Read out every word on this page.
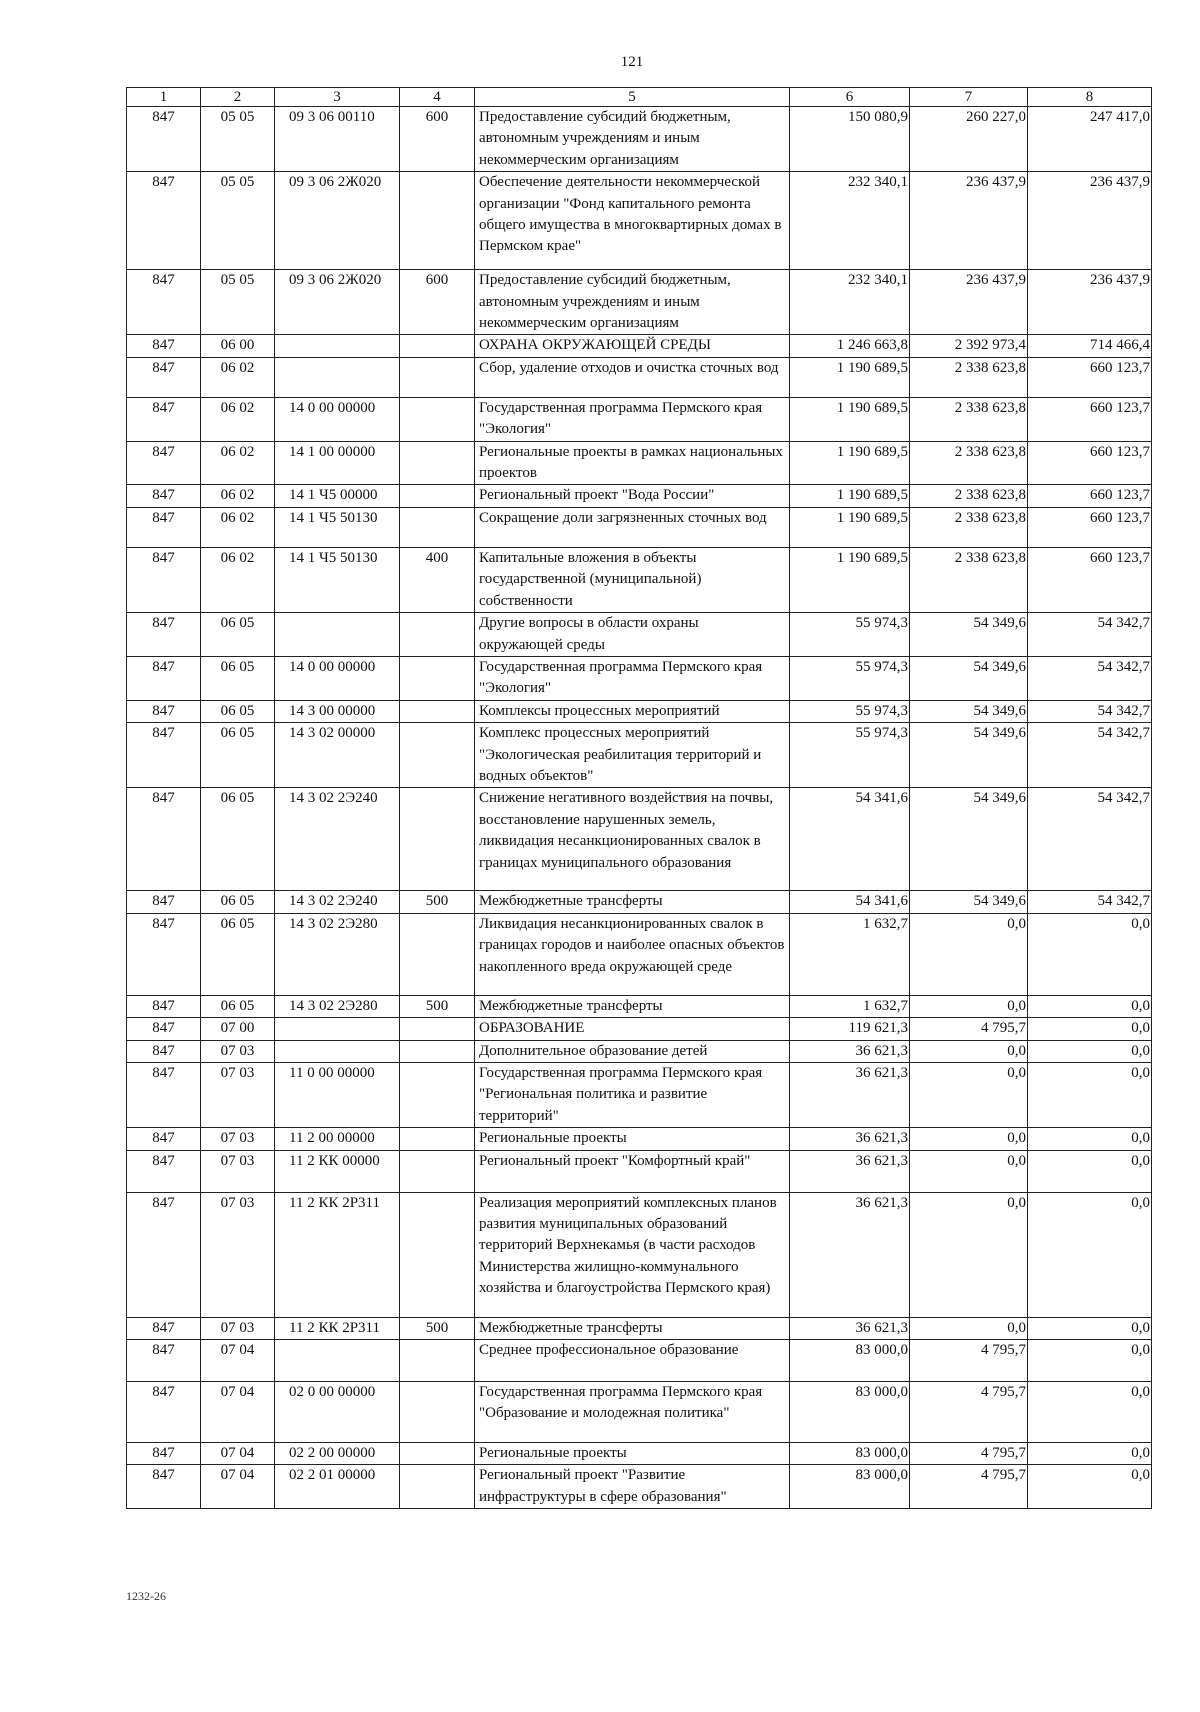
121
1	2	3	4	5	6	7	8
847	05 05	09 3 06 00110	600	Предоставление субсидий бюджетным, автономным учреждениям и иным некоммерческим организациям	150 080,9	260 227,0	247 417,0
847	05 05	09 3 06 2Ж020		Обеспечение деятельности некоммерческой организации "Фонд капитального ремонта общего имущества в многоквартирных домах в Пермском крае"	232 340,1	236 437,9	236 437,9
847	05 05	09 3 06 2Ж020	600	Предоставление субсидий бюджетным, автономным учреждениям и иным некоммерческим организациям	232 340,1	236 437,9	236 437,9
847	06 00			ОХРАНА ОКРУЖАЮЩЕЙ СРЕДЫ	1 246 663,8	2 392 973,4	714 466,4
847	06 02			Сбор, удаление отходов и очистка сточных вод	1 190 689,5	2 338 623,8	660 123,7
847	06 02	14 0 00 00000		Государственная программа Пермского края "Экология"	1 190 689,5	2 338 623,8	660 123,7
847	06 02	14 1 00 00000		Региональные проекты в рамках национальных проектов	1 190 689,5	2 338 623,8	660 123,7
847	06 02	14 1 Ч5 00000		Региональный проект "Вода России"	1 190 689,5	2 338 623,8	660 123,7
847	06 02	14 1 Ч5 50130		Сокращение доли загрязненных сточных вод	1 190 689,5	2 338 623,8	660 123,7
847	06 02	14 1 Ч5 50130	400	Капитальные вложения в объекты государственной (муниципальной) собственности	1 190 689,5	2 338 623,8	660 123,7
847	06 05			Другие вопросы в области охраны окружающей среды	55 974,3	54 349,6	54 342,7
847	06 05	14 0 00 00000		Государственная программа Пермского края "Экология"	55 974,3	54 349,6	54 342,7
847	06 05	14 3 00 00000		Комплексы процессных мероприятий	55 974,3	54 349,6	54 342,7
847	06 05	14 3 02 00000		Комплекс процессных мероприятий "Экологическая реабилитация территорий и водных объектов"	55 974,3	54 349,6	54 342,7
847	06 05	14 3 02 2Э240		Снижение негативного воздействия на почвы, восстановление нарушенных земель, ликвидация несанкционированных свалок в границах муниципального образования	54 341,6	54 349,6	54 342,7
847	06 05	14 3 02 2Э240	500	Межбюджетные трансферты	54 341,6	54 349,6	54 342,7
847	06 05	14 3 02 2Э280		Ликвидация несанкционированных свалок в границах городов и наиболее опасных объектов накопленного вреда окружающей среде	1 632,7	0,0	0,0
847	06 05	14 3 02 2Э280	500	Межбюджетные трансферты	1 632,7	0,0	0,0
847	07 00			ОБРАЗОВАНИЕ	119 621,3	4 795,7	0,0
847	07 03			Дополнительное образование детей	36 621,3	0,0	0,0
847	07 03	11 0 00 00000		Государственная программа Пермского края "Региональная политика и развитие территорий"	36 621,3	0,0	0,0
847	07 03	11 2 00 00000		Региональные проекты	36 621,3	0,0	0,0
847	07 03	11 2 КК 00000		Региональный проект "Комфортный край"	36 621,3	0,0	0,0
847	07 03	11 2 КК 2Р311		Реализация мероприятий комплексных планов развития муниципальных образований территорий Верхнекамья (в части расходов Министерства жилищно-коммунального хозяйства и благоустройства Пермского края)	36 621,3	0,0	0,0
847	07 03	11 2 КК 2Р311	500	Межбюджетные трансферты	36 621,3	0,0	0,0
847	07 04			Среднее профессиональное образование	83 000,0	4 795,7	0,0
847	07 04	02 0 00 00000		Государственная программа Пермского края "Образование и молодежная политика"	83 000,0	4 795,7	0,0
847	07 04	02 2 00 00000		Региональные проекты	83 000,0	4 795,7	0,0
847	07 04	02 2 01 00000		Региональный проект "Развитие инфраструктуры в сфере образования"	83 000,0	4 795,7	0,0
1232-26
